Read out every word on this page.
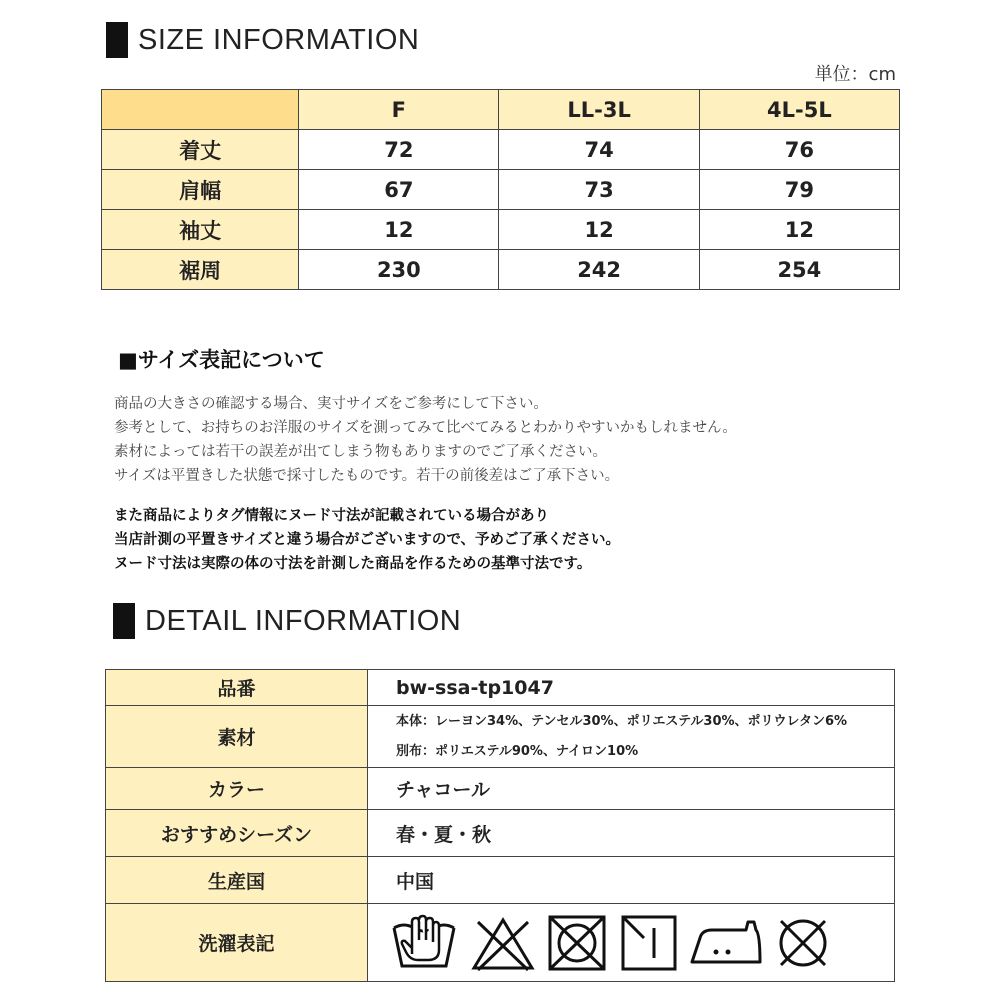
SIZE INFORMATION
単位：cm
	F	LL-3L	4L-5L
着丈	72	74	76
肩幅	67	73	79
袖丈	12	12	12
裾周	230	242	254
■サイズ表記について
商品の大きさの確認する場合、実寸サイズをご参考にして下さい。
参考として、お持ちのお洋服のサイズを測ってみて比べてみるとわかりやすいかもしれません。
素材によっては若干の誤差が出てしまう物もありますのでご了承ください。
サイズは平置きした状態で採寸したものです。若干の前後差はご了承下さい。
また商品によりタグ情報にヌード寸法が記載されている場合があり
当店計測の平置きサイズと違う場合がございますので、予めご了承ください。
ヌード寸法は実際の体の寸法を計測した商品を作るための基準寸法です。
DETAIL INFORMATION
品番	bw-ssa-tp1047
素材	本体：レーヨン34%、テンセル30%、ポリエステル30%、ポリウレタン6%
別布：ポリエステル90%、ナイロン10%

カラー	チャコール
おすすめシーズン	春・夏・秋
生産国	中国
洗濯表記	
